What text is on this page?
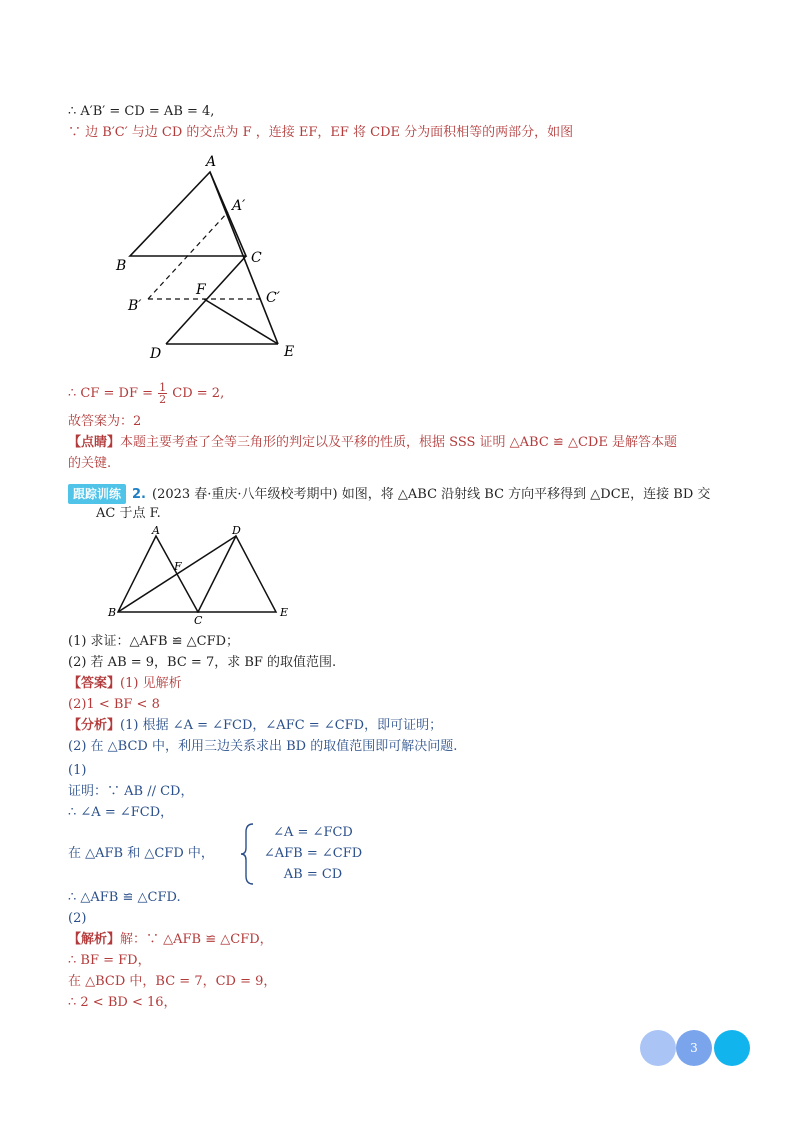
∴ A′B′ = CD = AB = 4,
∵ 边 B′C′ 与边 CD 的交点为 F ，连接 EF，EF 将 CDE 分为面积相等的两部分，如图
A
A′
B	C
B′
F	C′
D	E
∴ CF = DF = $\frac{1}{2}$ CD = 2,
故答案为：2
【点睛】本题主要考查了全等三角形的判定以及平移的性质，根据 SSS 证明 △ABC ≌ △CDE 是解答本题
的关键.
跟踪训练 2. (2023 春·重庆·八年级校考期中) 如图，将 △ABC 沿射线 BC 方向平移得到 △DCE，连接 BD 交
AC 于点 F.
A	D
F
B
C
E
(1) 求证：△AFB ≌ △CFD；
(2) 若 AB = 9，BC = 7，求 BF 的取值范围.
【答案】(1) 见解析
(2)1 < BF < 8
【分析】(1) 根据 ∠A = ∠FCD，∠AFC = ∠CFD，即可证明；
(2) 在 △BCD 中，利用三边关系求出 BD 的取值范围即可解决问题.
(1)
证明：∵ AB // CD，
∴ ∠A = ∠FCD，
在 △AFB 和 △CFD 中，
∠A = ∠FCD
∠AFB = ∠CFD
AB = CD
∴ △AFB ≌ △CFD.
(2)
【解析】解：∵ △AFB ≌ △CFD，
∴ BF = FD，
在 △BCD 中，BC = 7，CD = 9，
∴ 2 < BD < 16，
3
